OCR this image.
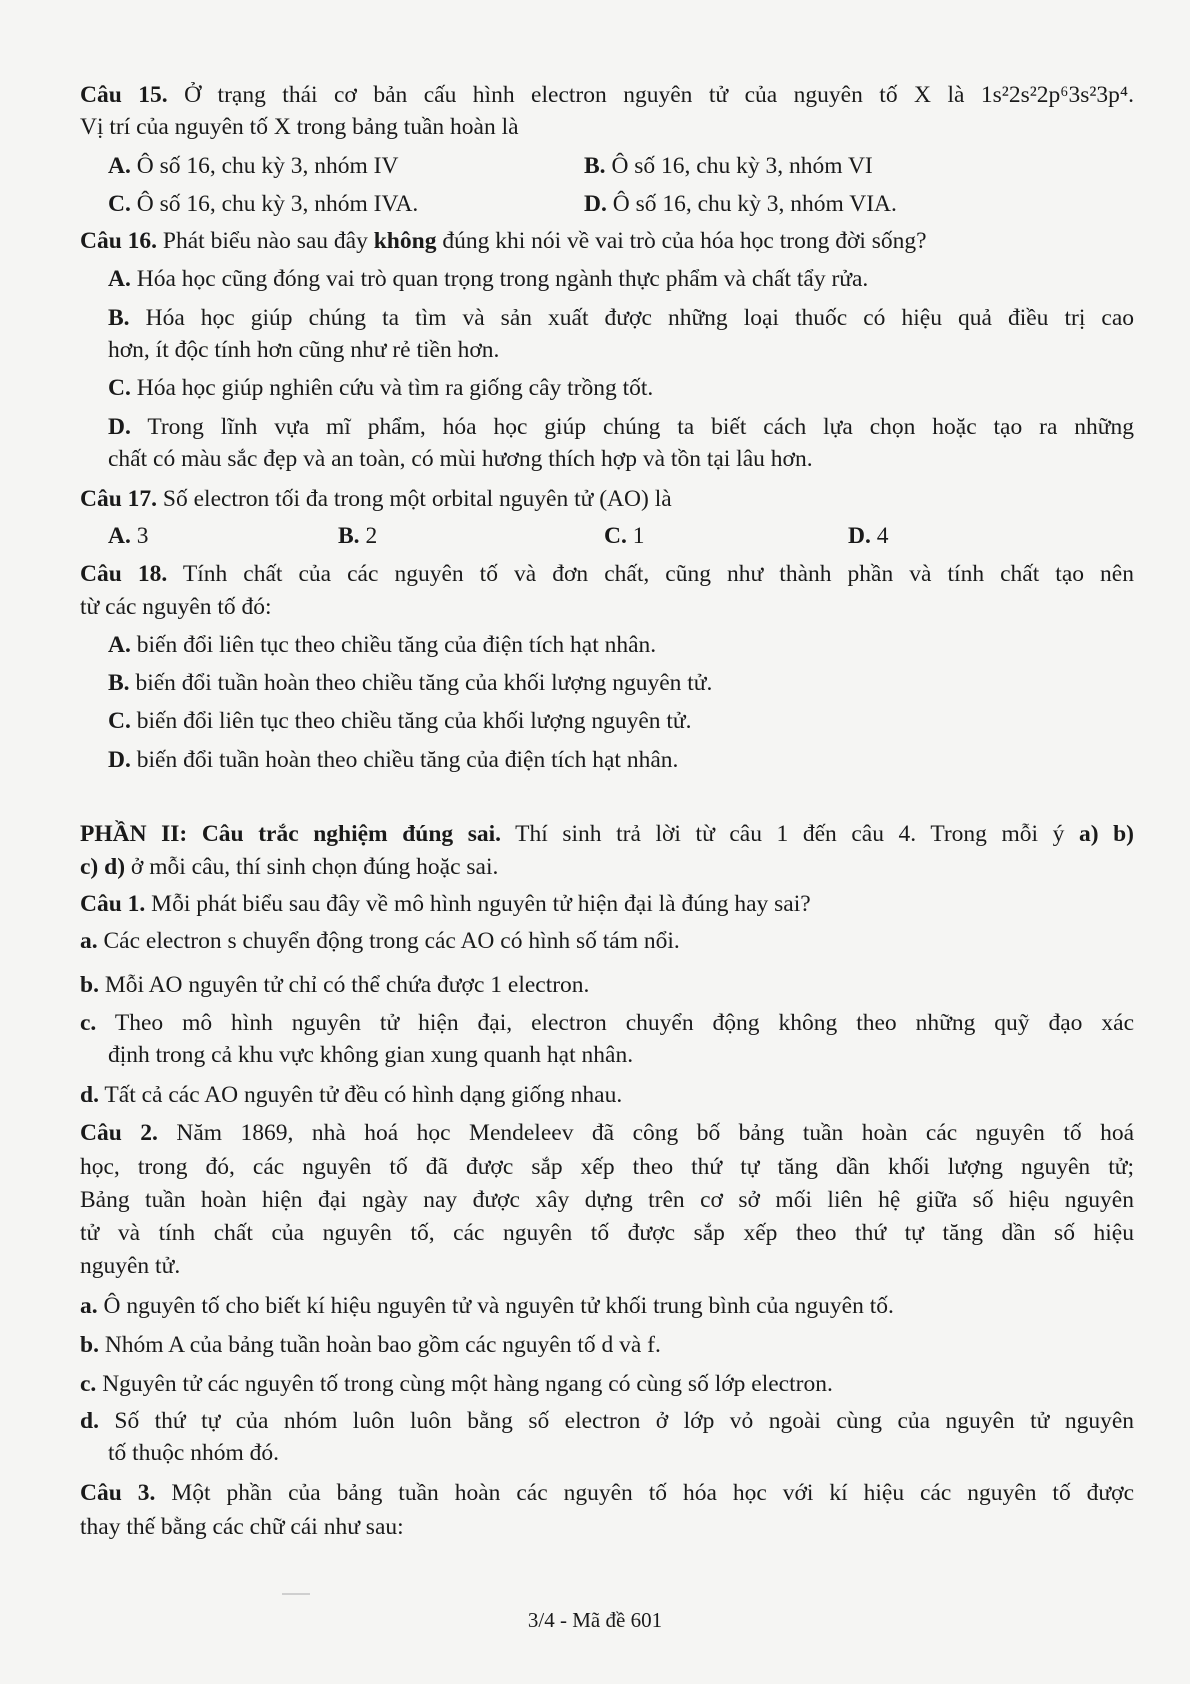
Câu 15. Ở trạng thái cơ bản cấu hình electron nguyên tử của nguyên tố X là 1s²2s²2p⁶3s²3p⁴.
Vị trí của nguyên tố X trong bảng tuần hoàn là
A. Ô số 16, chu kỳ 3, nhóm IV	B. Ô số 16, chu kỳ 3, nhóm VI
C. Ô số 16, chu kỳ 3, nhóm IVA.	D. Ô số 16, chu kỳ 3, nhóm VIA.
Câu 16. Phát biểu nào sau đây không đúng khi nói về vai trò của hóa học trong đời sống?
A. Hóa học cũng đóng vai trò quan trọng trong ngành thực phẩm và chất tẩy rửa.
B. Hóa học giúp chúng ta tìm và sản xuất được những loại thuốc có hiệu quả điều trị cao
hơn, ít độc tính hơn cũng như rẻ tiền hơn.
C. Hóa học giúp nghiên cứu và tìm ra giống cây trồng tốt.
D. Trong lĩnh vựa mĩ phẩm, hóa học giúp chúng ta biết cách lựa chọn hoặc tạo ra những
chất có màu sắc đẹp và an toàn, có mùi hương thích hợp và tồn tại lâu hơn.
Câu 17. Số electron tối đa trong một orbital nguyên tử (AO) là
A. 3	B. 2	C. 1	D. 4
Câu 18. Tính chất của các nguyên tố và đơn chất, cũng như thành phần và tính chất tạo nên
từ các nguyên tố đó:
A. biến đổi liên tục theo chiều tăng của điện tích hạt nhân.
B. biến đổi tuần hoàn theo chiều tăng của khối lượng nguyên tử.
C. biến đổi liên tục theo chiều tăng của khối lượng nguyên tử.
D. biến đổi tuần hoàn theo chiều tăng của điện tích hạt nhân.
PHẦN II: Câu trắc nghiệm đúng sai. Thí sinh trả lời từ câu 1 đến câu 4. Trong mỗi ý a) b)
c) d) ở mỗi câu, thí sinh chọn đúng hoặc sai.
Câu 1. Mỗi phát biểu sau đây về mô hình nguyên tử hiện đại là đúng hay sai?
a. Các electron s chuyển động trong các AO có hình số tám nổi.
b. Mỗi AO nguyên tử chỉ có thể chứa được 1 electron.
c. Theo mô hình nguyên tử hiện đại, electron chuyển động không theo những quỹ đạo xác
định trong cả khu vực không gian xung quanh hạt nhân.
d. Tất cả các AO nguyên tử đều có hình dạng giống nhau.
Câu 2. Năm 1869, nhà hoá học Mendeleev đã công bố bảng tuần hoàn các nguyên tố hoá
học, trong đó, các nguyên tố đã được sắp xếp theo thứ tự tăng dần khối lượng nguyên tử;
Bảng tuần hoàn hiện đại ngày nay được xây dựng trên cơ sở mối liên hệ giữa số hiệu nguyên
tử và tính chất của nguyên tố, các nguyên tố được sắp xếp theo thứ tự tăng dần số hiệu
nguyên tử.
a. Ô nguyên tố cho biết kí hiệu nguyên tử và nguyên tử khối trung bình của nguyên tố.
b. Nhóm A của bảng tuần hoàn bao gồm các nguyên tố d và f.
c. Nguyên tử các nguyên tố trong cùng một hàng ngang có cùng số lớp electron.
d. Số thứ tự của nhóm luôn luôn bằng số electron ở lớp vỏ ngoài cùng của nguyên tử nguyên
tố thuộc nhóm đó.
Câu 3. Một phần của bảng tuần hoàn các nguyên tố hóa học với kí hiệu các nguyên tố được
thay thế bằng các chữ cái như sau:
3/4 - Mã đề 601
